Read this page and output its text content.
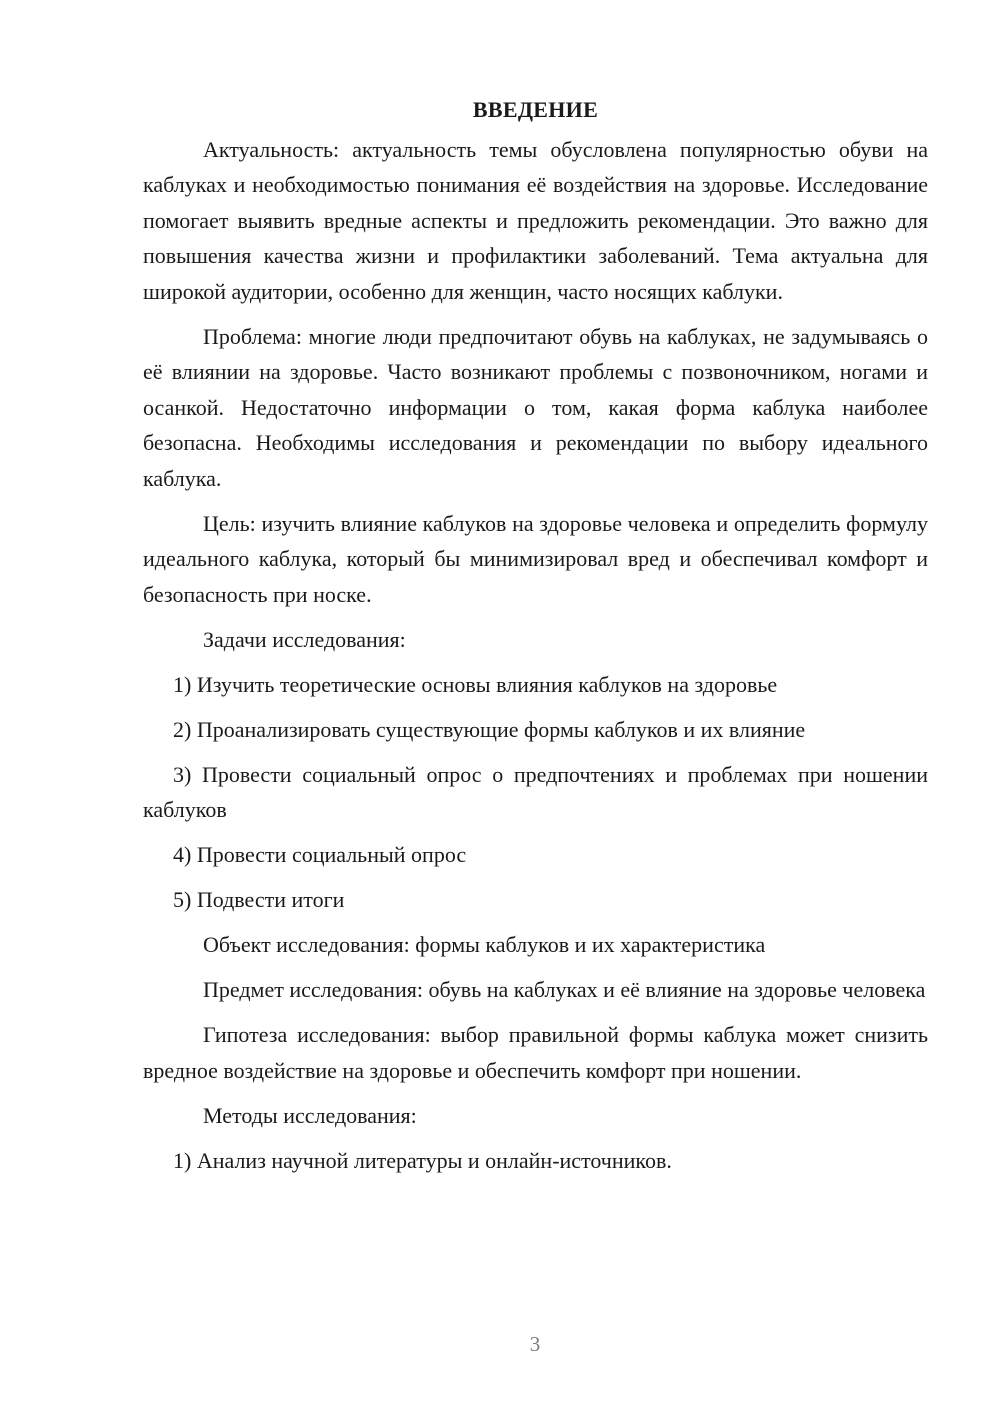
ВВЕДЕНИЕ

Актуальность: актуальность темы обусловлена популярностью обуви на каблуках и необходимостью понимания её воздействия на здоровье. Исследование помогает выявить вредные аспекты и предложить рекомендации. Это важно для повышения качества жизни и профилактики заболеваний. Тема актуальна для широкой аудитории, особенно для женщин, часто носящих каблуки.

Проблема: многие люди предпочитают обувь на каблуках, не задумываясь о её влиянии на здоровье. Часто возникают проблемы с позвоночником, ногами и осанкой. Недостаточно информации о том, какая форма каблука наиболее безопасна. Необходимы исследования и рекомендации по выбору идеального каблука.

Цель: изучить влияние каблуков на здоровье человека и определить формулу идеального каблука, который бы минимизировал вред и обеспечивал комфорт и безопасность при носке.

Задачи исследования:

1) Изучить теоретические основы влияния каблуков на здоровье

2) Проанализировать существующие формы каблуков и их влияние

3) Провести социальный опрос о предпочтениях и проблемах при ношении каблуков

4) Провести социальный опрос

5) Подвести итоги

Объект исследования: формы каблуков и их характеристика

Предмет исследования: обувь на каблуках и её влияние на здоровье человека

Гипотеза исследования: выбор правильной формы каблука может снизить вредное воздействие на здоровье и обеспечить комфорт при ношении.

Методы исследования:

1) Анализ научной литературы и онлайн-источников.

3
